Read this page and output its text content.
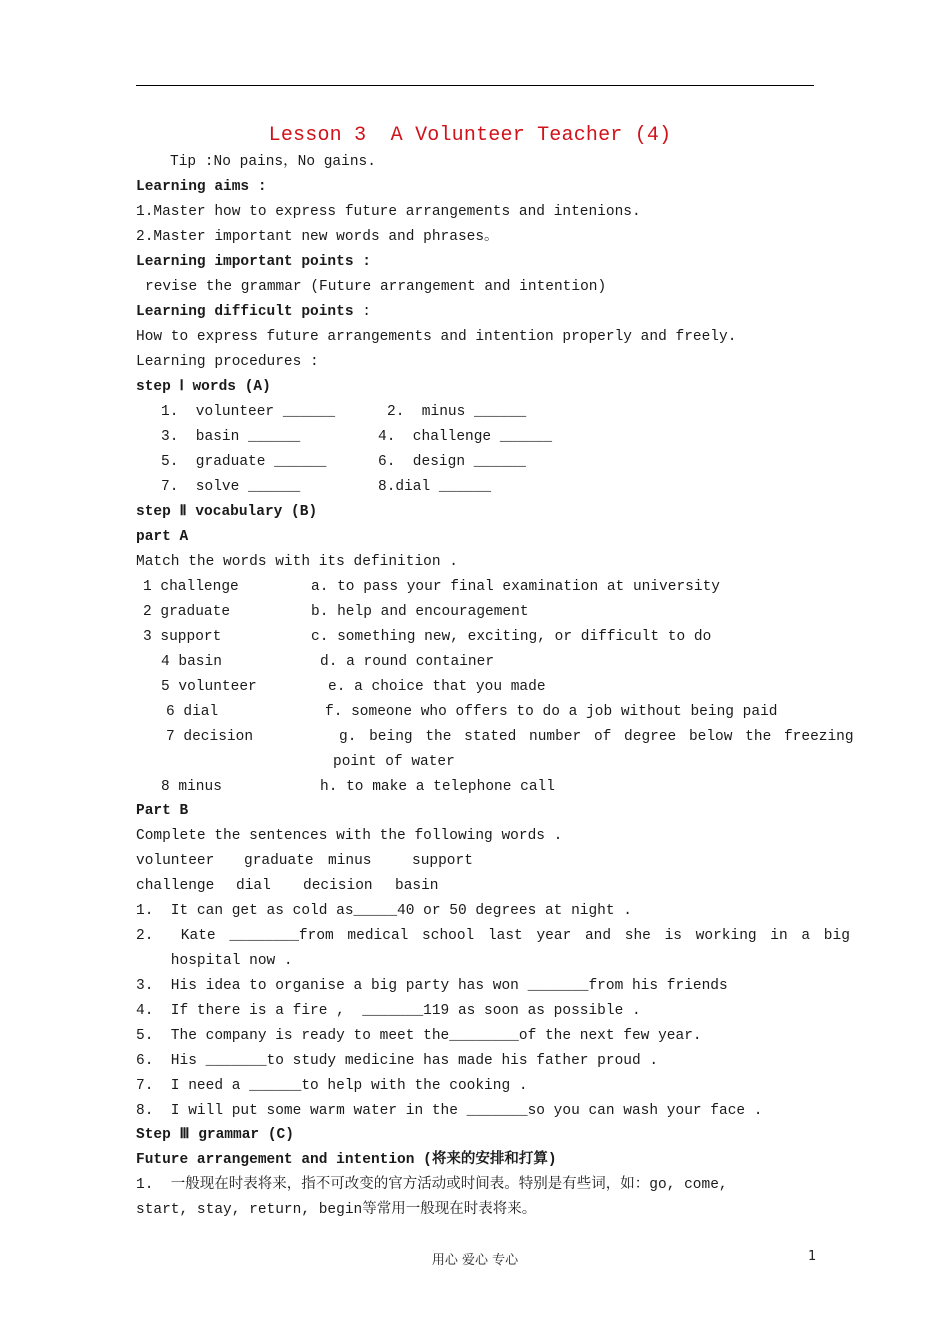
Lesson 3  A Volunteer Teacher (4)
Tip :No pains，No gains.
Learning aims :
1.Master how to express future arrangements and intenions.
2.Master important new words and phrases。
Learning important points :
revise the grammar (Future arrangement and intention)
Learning difficult points :
How to express future arrangements and intention properly and freely.
Learning procedures :
step Ⅰ words (A)
1.  volunteer ______	2.  minus ______
3.  basin ______	4.  challenge ______
5.  graduate ______	6.  design ______
7.  solve ______	8.dial ______
step Ⅱ vocabulary (B)
part A
Match the words with its definition .
1 challenge	a. to pass your final examination at university
2 graduate	b. help and encouragement
3 support	c. something new, exciting, or difficult to do
4 basin	d. a round container
5 volunteer	e. a choice that you made
6 dial	f. someone who offers to do a job without being paid
7 decision	g. being the stated number of degree below the freezing
point of water
8 minus	h. to make a telephone call
Part B
Complete the sentences with the following words .
volunteer graduate minus	support
challenge dial decision basin
1.  It can get as cold as_____40 or 50 degrees at night .
2.  Kate ________from medical school last year and she is working in a big
hospital now .
3.  His idea to organise a big party has won _______from his friends
4.  If there is a fire ,  _______119 as soon as possible .
5.  The company is ready to meet the________of the next few year.
6.  His _______to study medicine has made his father proud .
7.  I need a ______to help with the cooking .
8.  I will put some warm water in the _______so you can wash your face .
Step Ⅲ grammar (C)
Future arrangement and intention (将来的安排和打算)
1.  一般现在时表将来，指不可改变的官方活动或时间表。特别是有些词，如：go, come,
start, stay, return, begin等常用一般现在时表将来。
用心 爱心 专心	1
